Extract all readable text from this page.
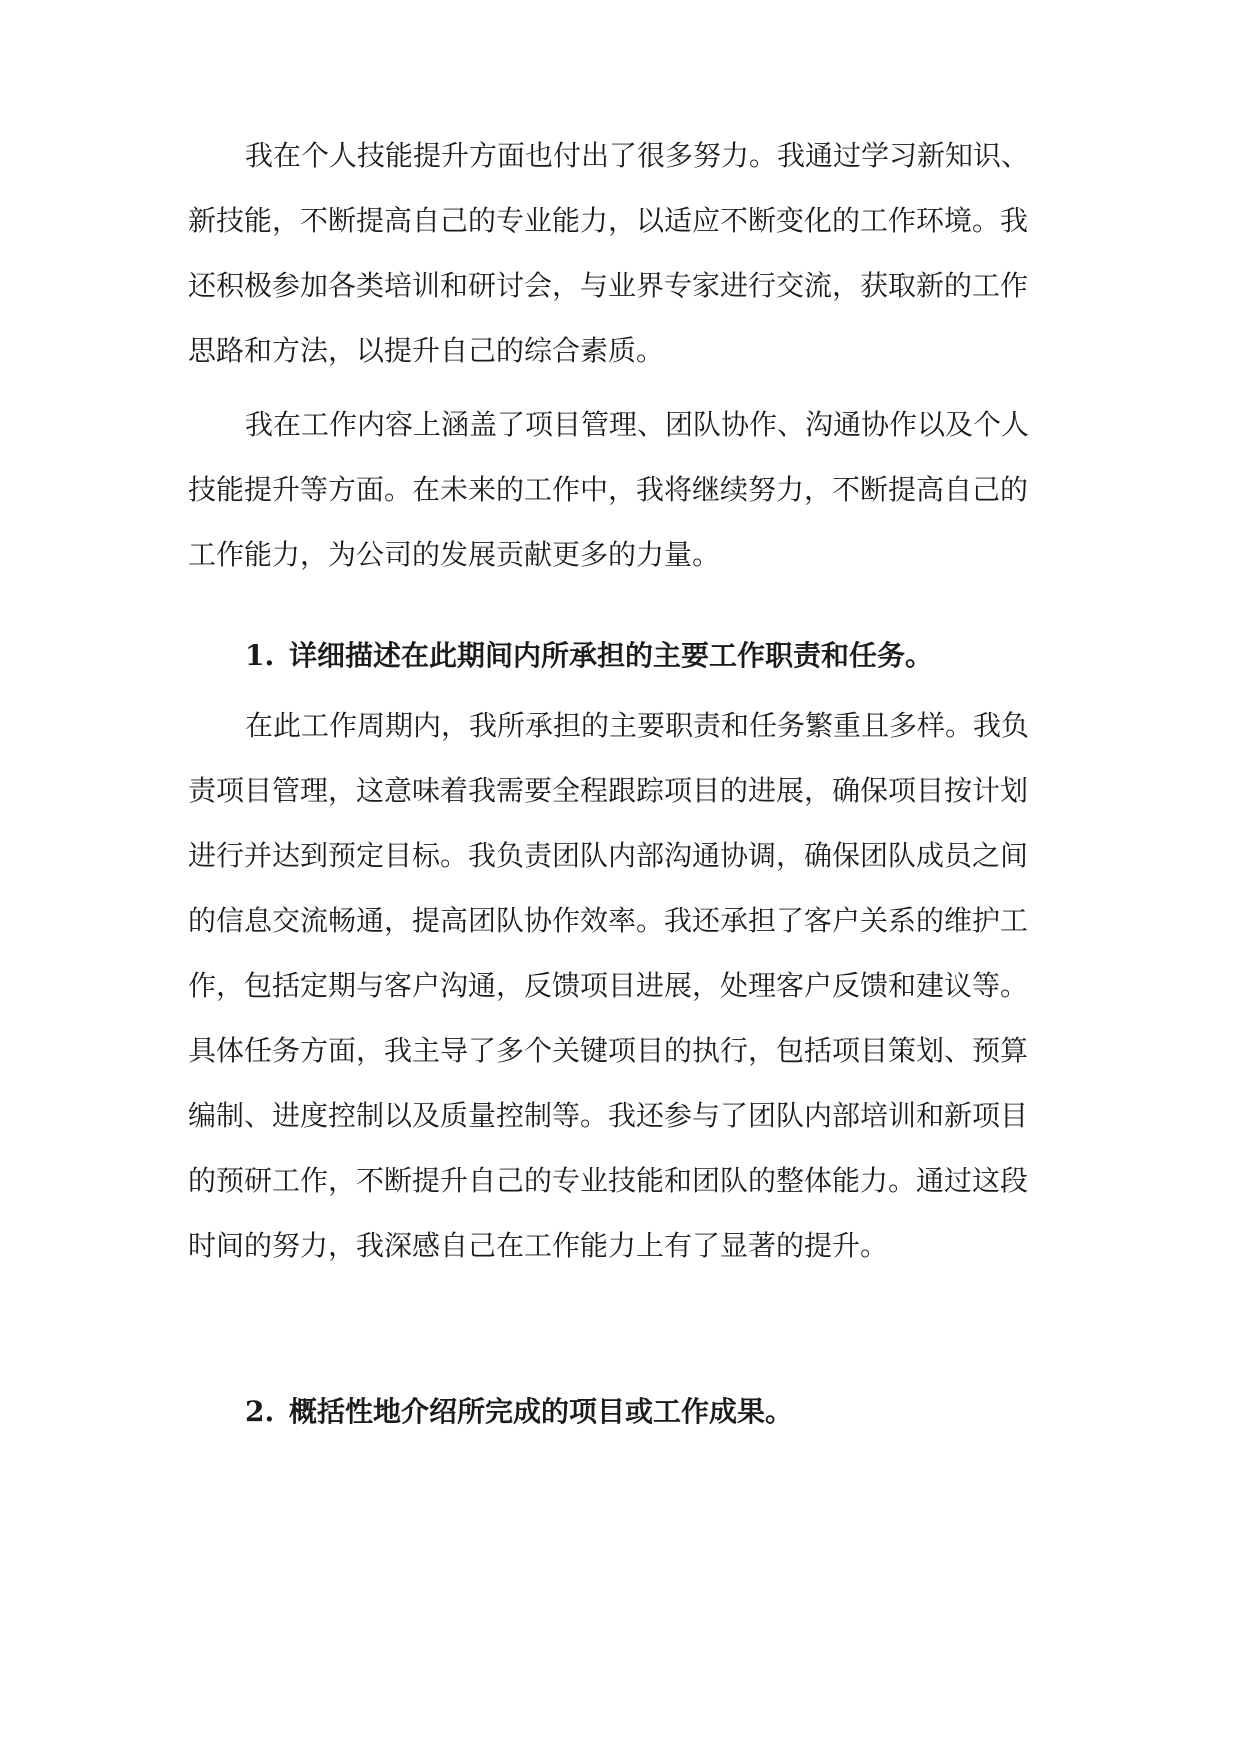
我在个人技能提升方面也付出了很多努力。我通过学习新知识、
新技能，不断提高自己的专业能力，以适应不断变化的工作环境。我
还积极参加各类培训和研讨会，与业界专家进行交流，获取新的工作
思路和方法，以提升自己的综合素质。
我在工作内容上涵盖了项目管理、团队协作、沟通协作以及个人
技能提升等方面。在未来的工作中，我将继续努力，不断提高自己的
工作能力，为公司的发展贡献更多的力量。
1. 详细描述在此期间内所承担的主要工作职责和任务。
在此工作周期内，我所承担的主要职责和任务繁重且多样。我负
责项目管理，这意味着我需要全程跟踪项目的进展，确保项目按计划
进行并达到预定目标。我负责团队内部沟通协调，确保团队成员之间
的信息交流畅通，提高团队协作效率。我还承担了客户关系的维护工
作，包括定期与客户沟通，反馈项目进展，处理客户反馈和建议等。
具体任务方面，我主导了多个关键项目的执行，包括项目策划、预算
编制、进度控制以及质量控制等。我还参与了团队内部培训和新项目
的预研工作，不断提升自己的专业技能和团队的整体能力。通过这段
时间的努力，我深感自己在工作能力上有了显著的提升。
2. 概括性地介绍所完成的项目或工作成果。
